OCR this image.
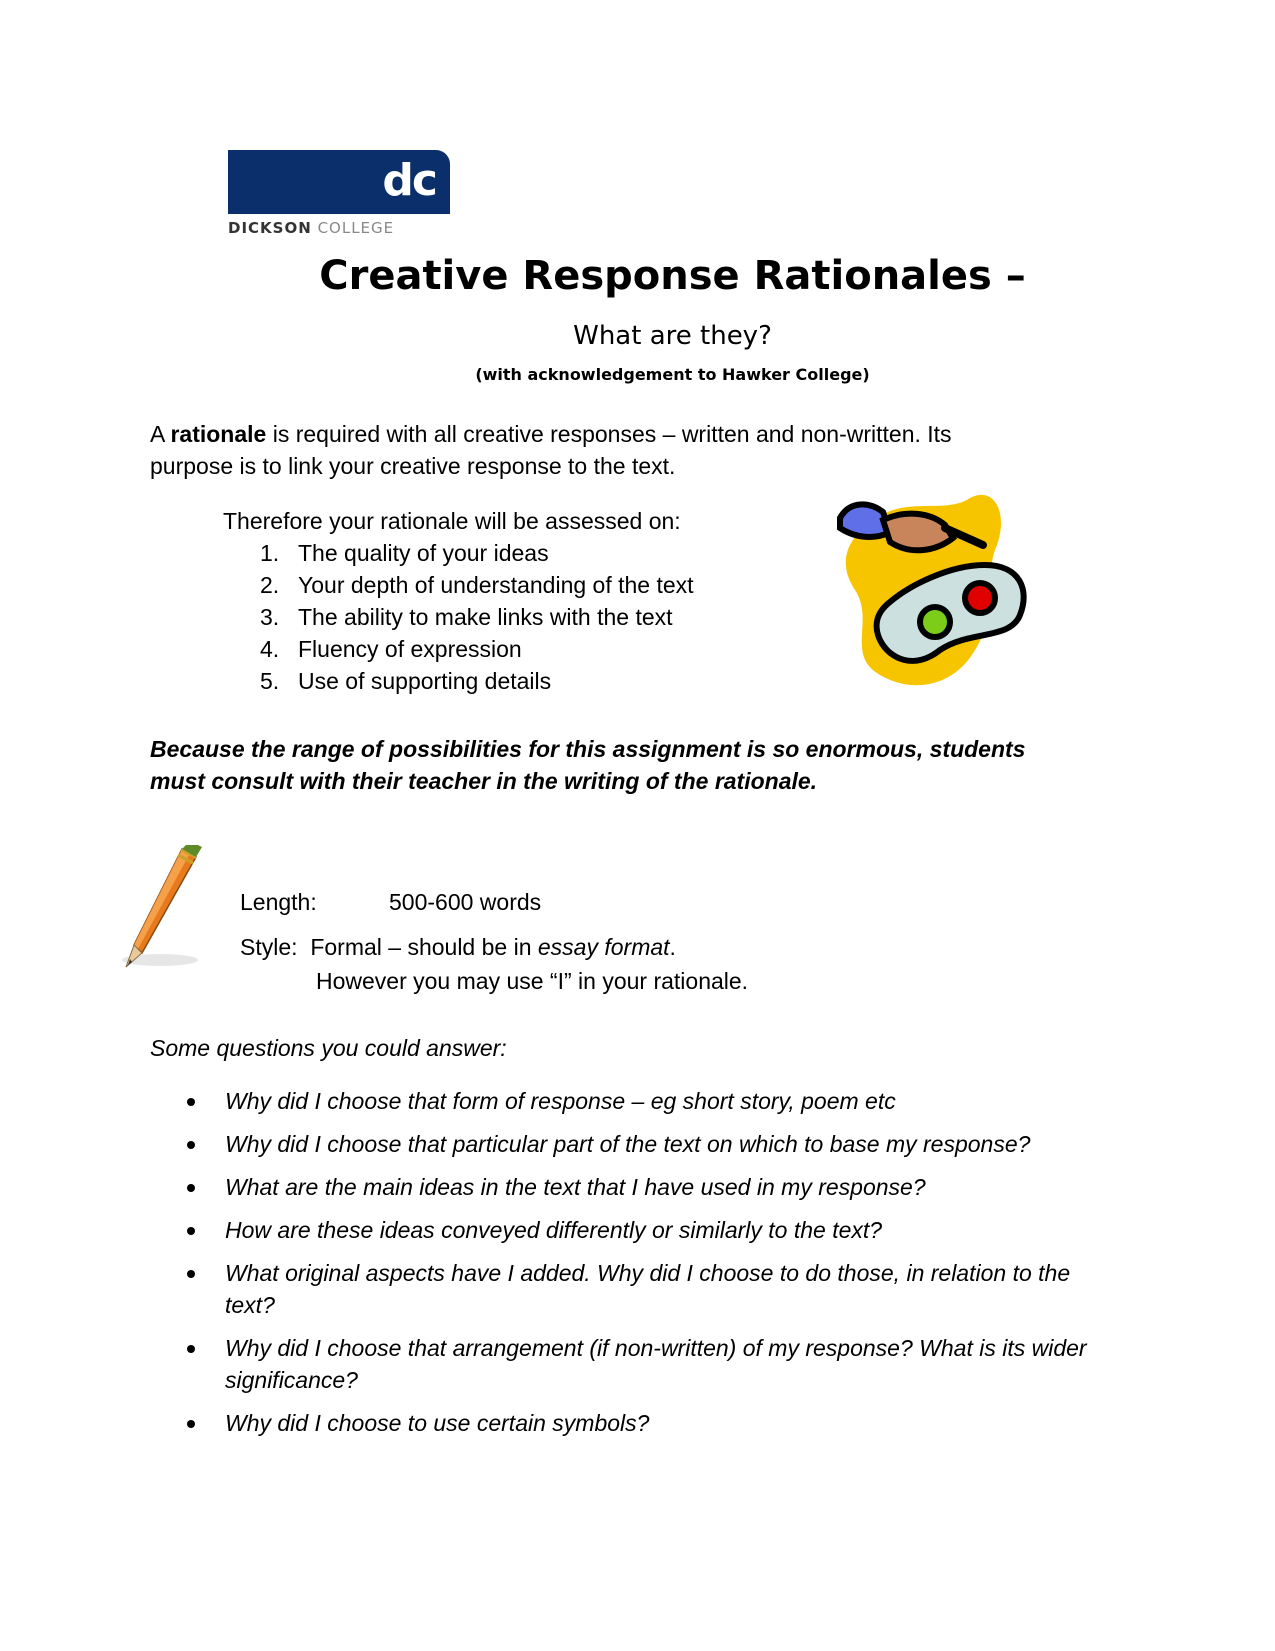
dc
DICKSON COLLEGE
Creative Response Rationales –
What are they?
(with acknowledgement to Hawker College)
A rationale is required with all creative responses – written and non-written. Its
purpose is to link your creative response to the text.
Therefore your rationale will be assessed on:
1. The quality of your ideas
2. Your depth of understanding of the text
3. The ability to make links with the text
4. Fluency of expression
5. Use of supporting details
Because the range of possibilities for this assignment is so enormous, students
must consult with their teacher in the writing of the rationale.
Length:	500-600 words
Style: Formal – should be in essay format.
However you may use “I” in your rationale.
Some questions you could answer:
Why did I choose that form of response – eg short story, poem etc
Why did I choose that particular part of the text on which to base my response?
What are the main ideas in the text that I have used in my response?
How are these ideas conveyed differently or similarly to the text?
What original aspects have I added. Why did I choose to do those, in relation to the text?
Why did I choose that arrangement (if non-written) of my response? What is its wider significance?
Why did I choose to use certain symbols?
